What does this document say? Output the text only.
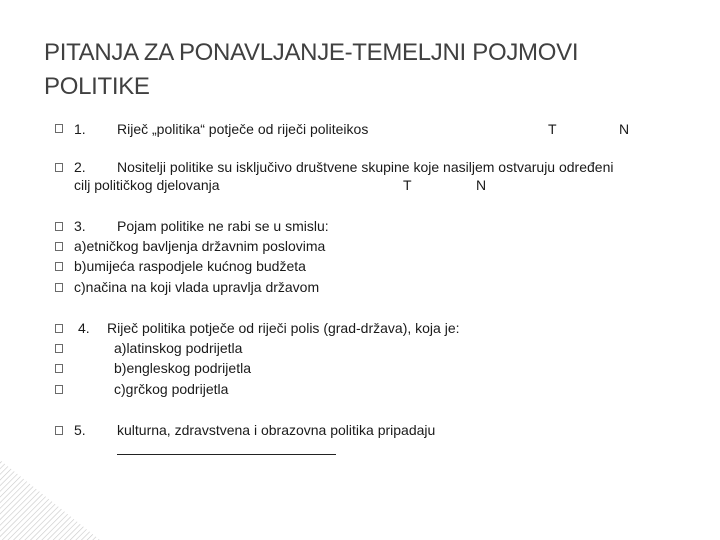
PITANJA ZA PONAVLJANJE-TEMELJNI POJMOVI
POLITIKE
1. Riječ „politika“ potječe od riječi politeikos	T	N
2. Nositelji politike su isključivo društvene skupine koje nasiljem ostvaruju određeni
cilj političkog djelovanja	T	N
3. Pojam politike ne rabi se u smislu:
a)etničkog bavljenja državnim poslovima
b)umijeća raspodjele kućnog budžeta
c)načina na koji vlada upravlja državom
4. Riječ politika potječe od riječi polis (grad-država), koja je:
a)latinskog podrijetla
b)engleskog podrijetla
c)grčkog podrijetla
5. kulturna, zdravstvena i obrazovna politika pripadaju
